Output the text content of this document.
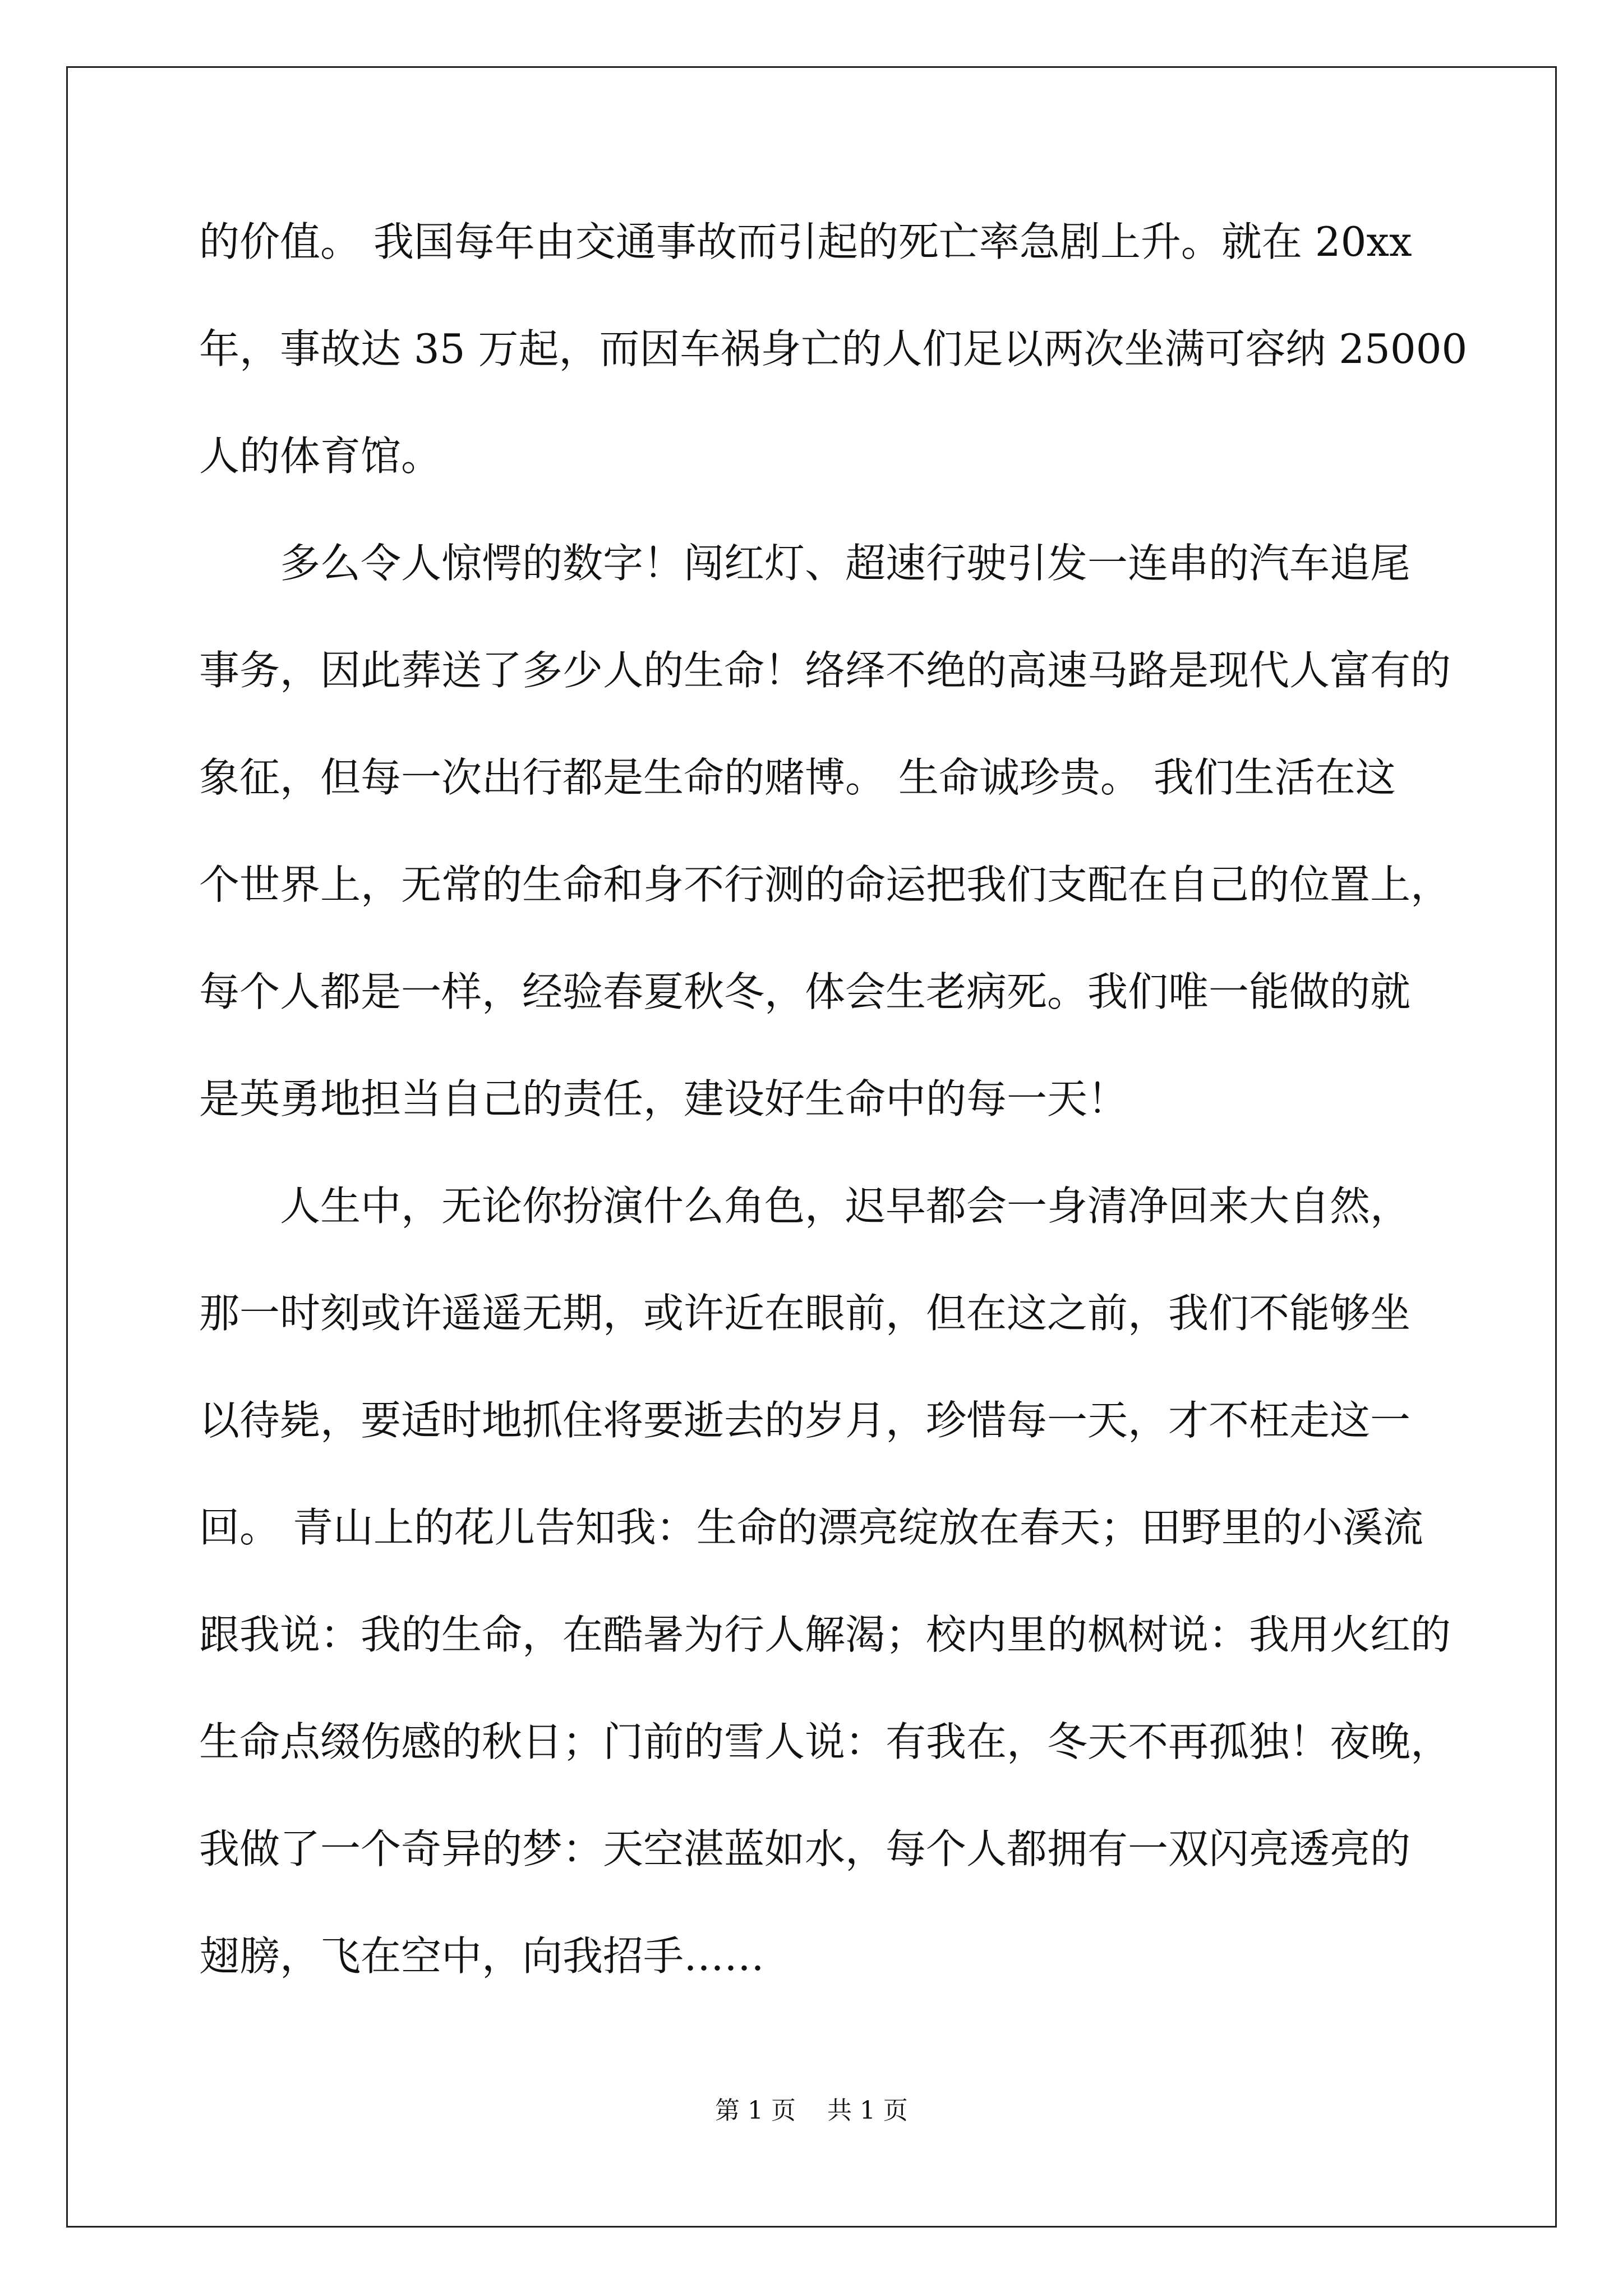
的价值。 我国每年由交通事故而引起的死亡率急剧上升。就在 20xx
年，事故达 35 万起，而因车祸身亡的人们足以两次坐满可容纳 25000
人的体育馆。
多么令人惊愕的数字！闯红灯、超速行驶引发一连串的汽车追尾
事务，因此葬送了多少人的生命！络绎不绝的高速马路是现代人富有的
象征，但每一次出行都是生命的赌博。 生命诚珍贵。 我们生活在这
个世界上，无常的生命和身不行测的命运把我们支配在自己的位置上，
每个人都是一样，经验春夏秋冬，体会生老病死。我们唯一能做的就
是英勇地担当自己的责任，建设好生命中的每一天！
人生中，无论你扮演什么角色，迟早都会一身清净回来大自然，
那一时刻或许遥遥无期，或许近在眼前，但在这之前，我们不能够坐
以待毙，要适时地抓住将要逝去的岁月，珍惜每一天，才不枉走这一
回。 青山上的花儿告知我：生命的漂亮绽放在春天；田野里的小溪流
跟我说：我的生命，在酷暑为行人解渴；校内里的枫树说：我用火红的
生命点缀伤感的秋日；门前的雪人说：有我在，冬天不再孤独！夜晚，
我做了一个奇异的梦：天空湛蓝如水，每个人都拥有一双闪亮透亮的
翅膀，飞在空中，向我招手……
第 1 页    共 1 页
